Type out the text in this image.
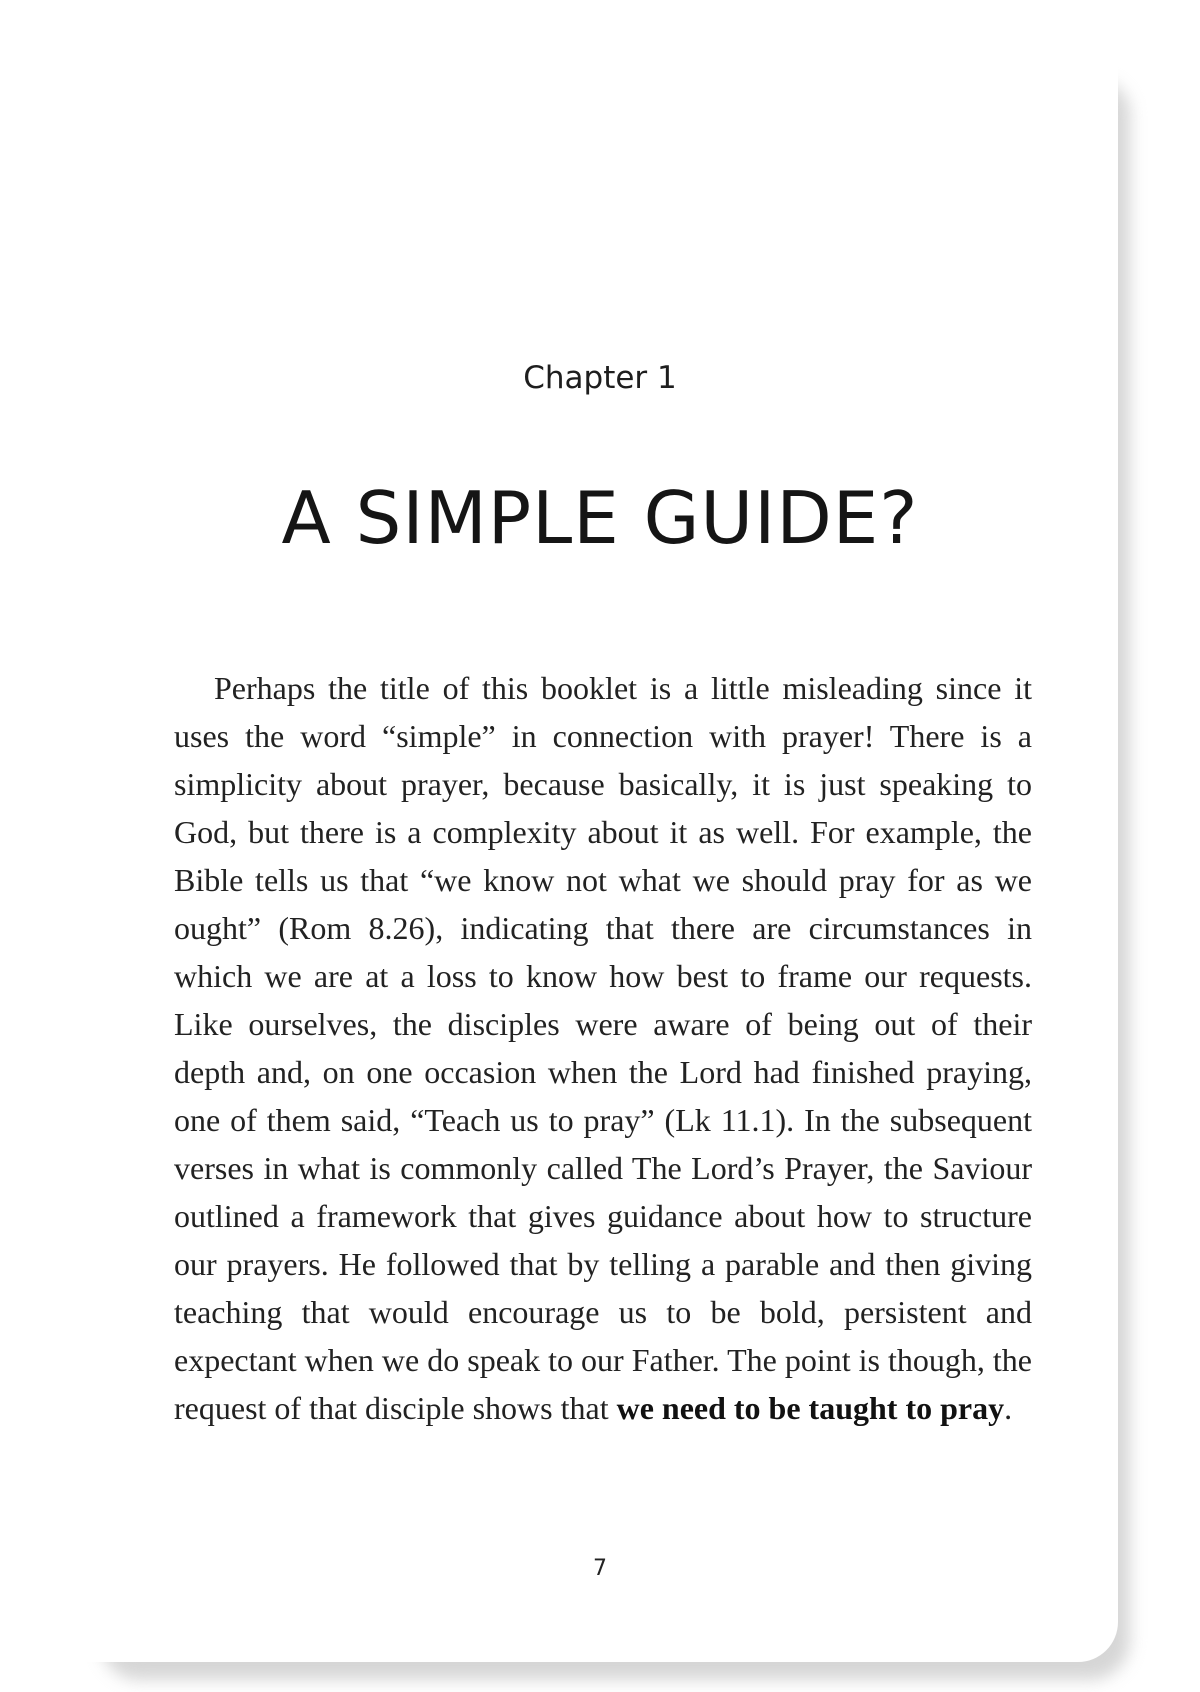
Chapter 1
A SIMPLE GUIDE?

Perhaps the title of this booklet is a little misleading since it uses the word “simple” in connection with prayer! There is a simplicity about prayer, because basically, it is just speaking to God, but there is a complexity about it as well. For example, the Bible tells us that “we know not what we should pray for as we ought” (Rom 8.26), indicating that there are circumstances in which we are at a loss to know how best to frame our requests. Like ourselves, the disciples were aware of being out of their depth and, on one occasion when the Lord had finished praying, one of them said, “Teach us to pray” (Lk 11.1). In the subsequent verses in what is commonly called The Lord’s Prayer, the Saviour outlined a framework that gives guidance about how to structure our prayers. He followed that by telling a parable and then giving teaching that would encourage us to be bold, persistent and expectant when we do speak to our Father. The point is though, the request of that disciple shows that we need to be taught to pray.

7
